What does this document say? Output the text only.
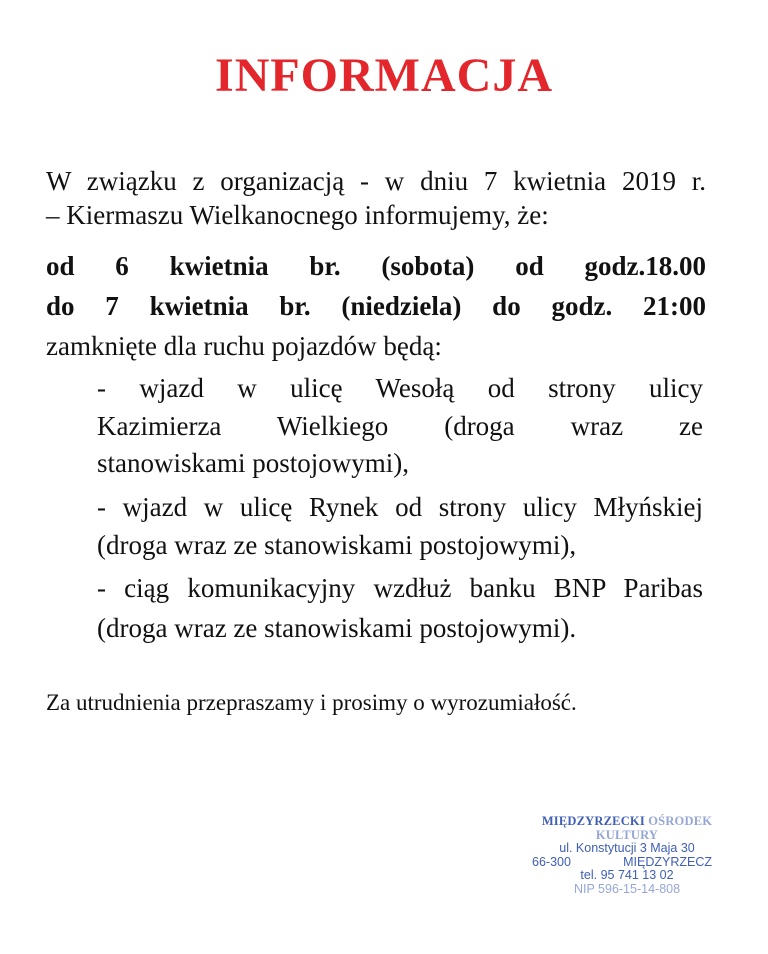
INFORMACJA

W związku z organizacją - w dniu 7 kwietnia 2019 r.

– Kiermaszu Wielkanocnego informujemy, że:

od 6 kwietnia br. (sobota) od godz.18.00

do 7 kwietnia br. (niedziela) do godz. 21:00

zamknięte dla ruchu pojazdów będą:

- wjazd w ulicę Wesołą od strony ulicy

Kazimierza Wielkiego (droga wraz ze

stanowiskami postojowymi),

- wjazd w ulicę Rynek od strony ulicy Młyńskiej

(droga wraz ze stanowiskami postojowymi),

- ciąg komunikacyjny wzdłuż banku BNP Paribas

(droga wraz ze stanowiskami postojowymi).

Za utrudnienia przepraszamy i prosimy o wyrozumiałość.

MIĘDZYRZECKI OŚRODEK KULTURY
ul. Konstytucji 3 Maja 30
66-300	MIĘDZYRZECZ
tel. 95 741 13 02
NIP 596-15-14-808
